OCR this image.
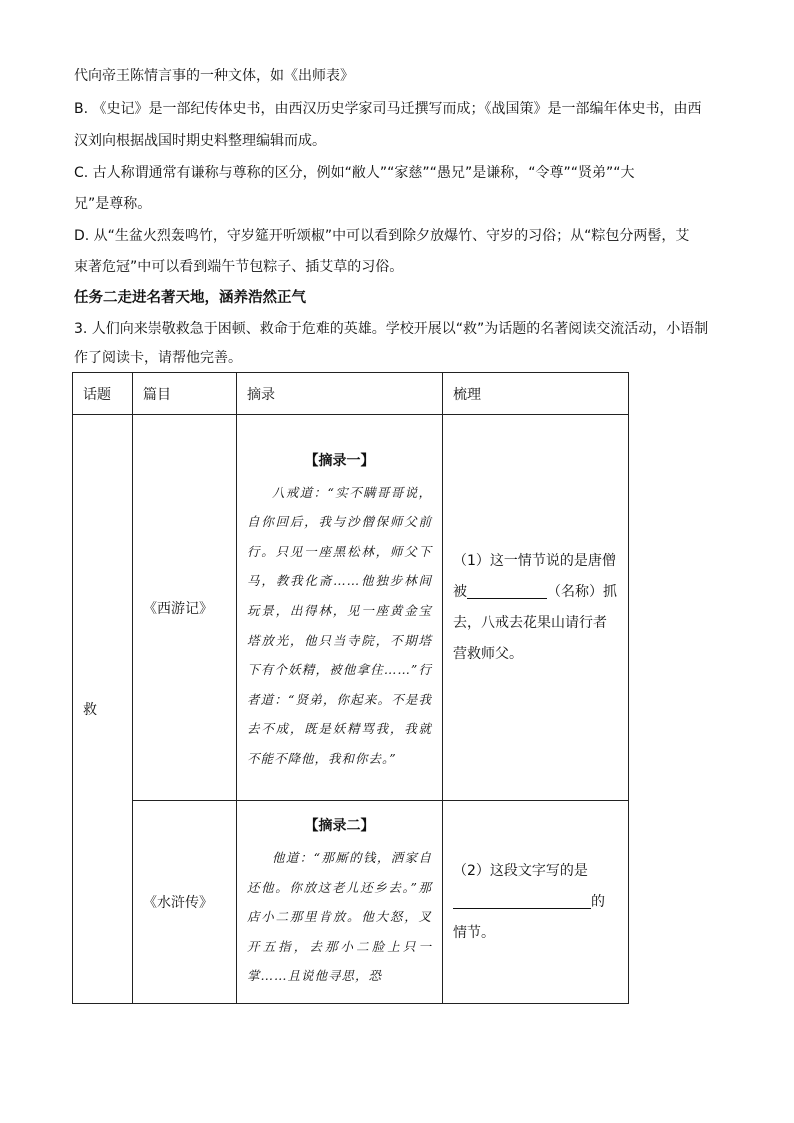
代向帝王陈情言事的一种文体，如《出师表》
B. 《史记》是一部纪传体史书，由西汉历史学家司马迁撰写而成；《战国策》是一部编年体史书，由西
汉刘向根据战国时期史料整理编辑而成。
C. 古人称谓通常有谦称与尊称的区分，例如“敝人”“家慈”“愚兄”是谦称，“令尊”“贤弟”“大
兄”是尊称。
D. 从“生盆火烈轰鸣竹，守岁筵开听颂椒”中可以看到除夕放爆竹、守岁的习俗；从“粽包分两髻，艾
束著危冠”中可以看到端午节包粽子、插艾草的习俗。
任务二走进名著天地，涵养浩然正气
3. 人们向来崇敬救急于困顿、救命于危难的英雄。学校开展以“救”为话题的名著阅读交流活动，小语制
作了阅读卡，请帮他完善。
话题	篇目	摘录	梳理
救	《西游记》	【摘录一】
八戒道：“实不瞒哥哥说，自你回后，我与沙僧保师父前行。只见一座黑松林，师父下马，教我化斋……他独步林间玩景，出得林，见一座黄金宝塔放光，他只当寺院，不期塔下有个妖精，被他拿住……”行者道：“贤弟，你起来。不是我去不成，既是妖精骂我，我就不能不降他，我和你去。”	（1）这一情节说的是唐僧被 （名称）抓去，八戒去花果山请行者营救师父。

	《水浒传》	【摘录二】
他道：“那厮的钱，洒家自还他。你放这老儿还乡去。”那店小二那里肯放。他大怒，叉开五指，去那小二脸上只一掌……且说他寻思，恐	（2）这段文字写的是的情节。
